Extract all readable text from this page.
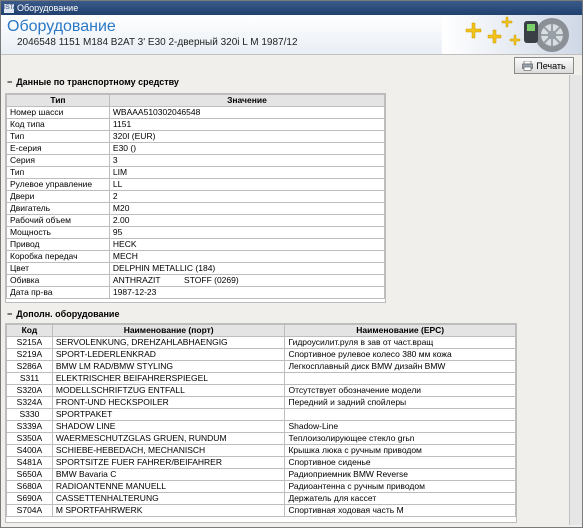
ISTA Оборудование
Оборудование
2046548 1151 M184 B2AT 3' E30 2-дверный 320i L M 1987/12
Печать
− Данные по транспортному средству
Тип	Значение
Номер шасси	WBAAA510302046548
Код типа	1151
Тип	320I (EUR)
Е-серия	E30 ()
Серия	3
Тип	LIM
Рулевое управление	LL
Двери	2
Двигатель	M20
Рабочий объем	2.00
Мощность	95
Привод	HECK
Коробка передач	MECH
Цвет	DELPHIN METALLIC (184)
Обивка	ANTHRAZIT          STOFF (0269)
Дата пр-ва	1987-12-23
− Дополн. оборудование
Код	Наименование (порт)	Наименование (EPC)
S215A	SERVOLENKUNG, DREHZAHLABHAENGIG	Гидроусилит.руля в зав от част.вращ
S219A	SPORT-LEDERLENKRAD	Спортивное рулевое колесо 380 мм кожа
S286A	BMW LM RAD/BMW STYLING	Легкосплавный диск BMW дизайн BMW
S311	ELEKTRISCHER BEIFAHRERSPIEGEL	
S320A	MODELLSCHRIFTZUG ENTFALL	Отсутствует обозначение модели
S324A	FRONT-UND HECKSPOILER	Передний и задний спойлеры
S330	SPORTPAKET	
S339A	SHADOW LINE	Shadow-Line
S350A	WAERMESCHUTZGLAS GRUEN, RUNDUM	Теплоизолирующее стекло grьn
S400A	SCHIEBE-HEBEDACH, MECHANISCH	Крышка люка с ручным приводом
S481A	SPORTSITZE FUER FAHRER/BEIFAHRER	Спортивное сиденье
S650A	BMW Bavaria C	Радиоприемник BMW Reverse
S680A	RADIOANTENNE MANUELL	Радиоантенна с ручным приводом
S690A	CASSETTENHALTERUNG	Держатель для кассет
S704A	M SPORTFAHRWERK	Спортивная ходовая часть M
